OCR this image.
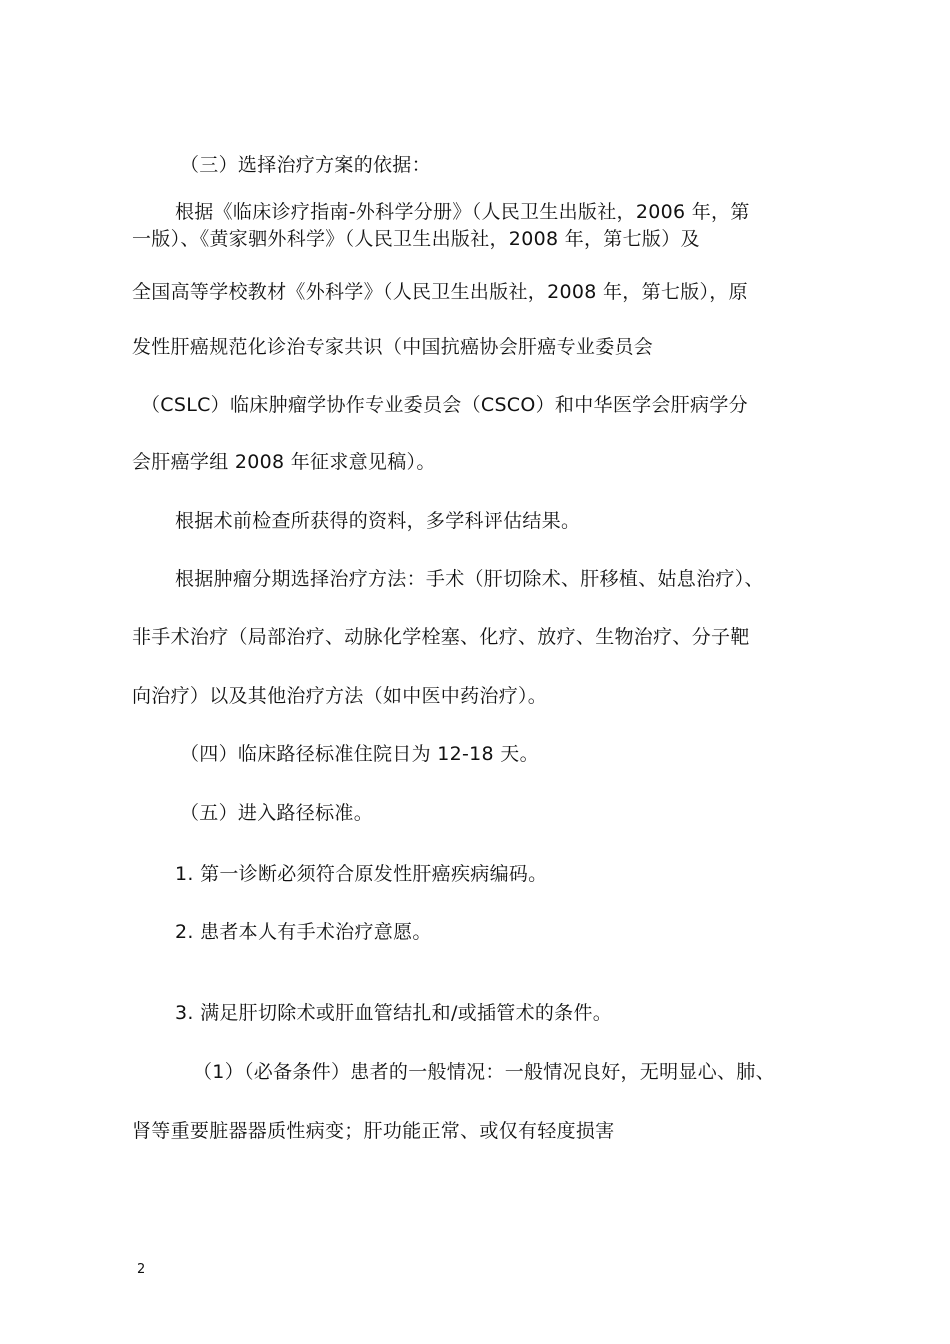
（三）选择治疗方案的依据：
根据《临床诊疗指南-外科学分册》（人民卫生出版社，2006 年，第
一版）、《黄家驷外科学》（人民卫生出版社，2008 年，第七版）及
全国高等学校教材《外科学》（人民卫生出版社，2008 年，第七版），原
发性肝癌规范化诊治专家共识（中国抗癌协会肝癌专业委员会
（CSLC）临床肿瘤学协作专业委员会（CSCO）和中华医学会肝病学分
会肝癌学组 2008 年征求意见稿）。
根据术前检查所获得的资料，多学科评估结果。
根据肿瘤分期选择治疗方法：手术（肝切除术、肝移植、姑息治疗）、
非手术治疗（局部治疗、动脉化学栓塞、化疗、放疗、生物治疗、分子靶
向治疗）以及其他治疗方法（如中医中药治疗）。
（四）临床路径标准住院日为 12-18 天。
（五）进入路径标准。
1. 第一诊断必须符合原发性肝癌疾病编码。
2. 患者本人有手术治疗意愿。
3. 满足肝切除术或肝血管结扎和/或插管术的条件。
（1）（必备条件）患者的一般情况：一般情况良好，无明显心、肺、
肾等重要脏器器质性病变；肝功能正常、或仅有轻度损害
2
